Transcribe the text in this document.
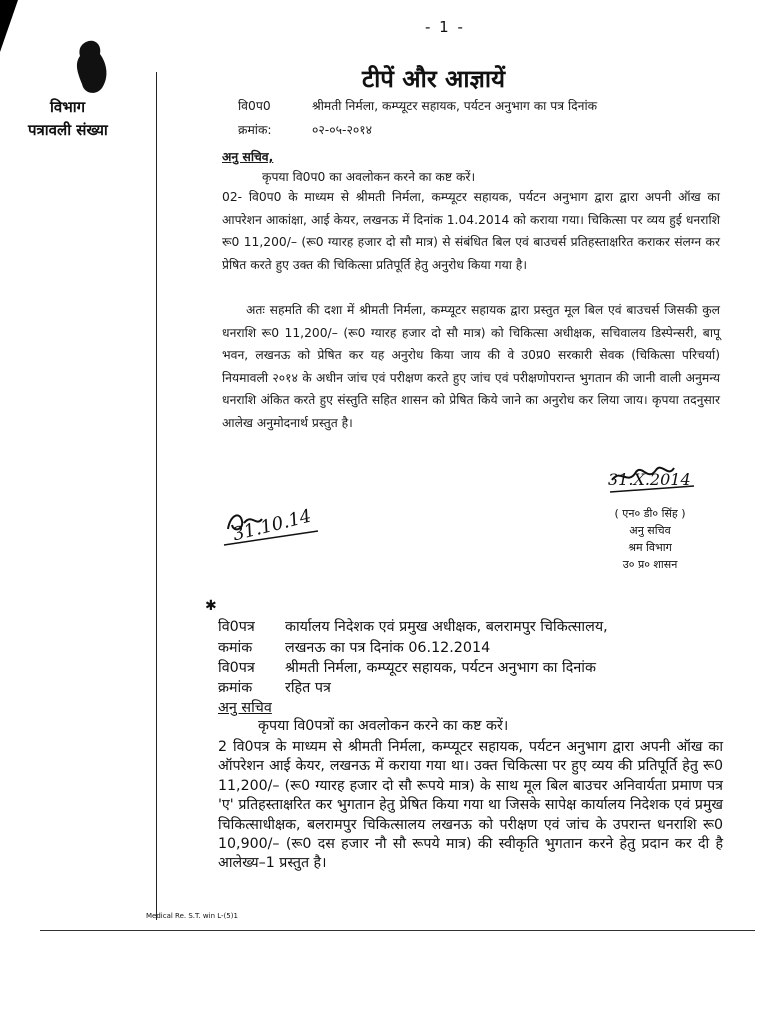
- 1 -
विभाग
पत्रावली संख्या
टीपें और आज्ञायें
वि0प0	श्रीमती निर्मला, कम्प्यूटर सहायक, पर्यटन अनुभाग का पत्र दिनांक
क्रमांक:	०२-०५-२०१४
अनु सचिव,
कृपया वि0प0 का अवलोकन करने का कष्ट करें।
02- वि0प0 के माध्यम से श्रीमती निर्मला, कम्प्यूटर सहायक, पर्यटन अनुभाग द्वारा द्वारा अपनी ऑख का आपरेशन आकांक्षा, आई केयर, लखनऊ में दिनांक 1.04.2014 को कराया गया। चिकित्सा पर व्यय हुई धनराशि रू0 11,200/– (रू0 ग्यारह हजार दो सौ मात्र) से संबंधित बिल एवं बाउचर्स प्रतिहस्ताक्षरित कराकर संलग्न कर प्रेषित करते हुए उक्त की चिकित्सा प्रतिपूर्ति हेतु अनुरोध किया गया है।
अतः सहमति की दशा में श्रीमती निर्मला, कम्प्यूटर सहायक द्वारा प्रस्तुत मूल बिल एवं बाउचर्स जिसकी कुल धनराशि रू0 11,200/– (रू0 ग्यारह हजार दो सौ मात्र) को चिकित्सा अधीक्षक, सचिवालय डिस्पेन्सरी, बापू भवन, लखनऊ को प्रेषित कर यह अनुरोध किया जाय की वे उ0प्र0 सरकारी सेवक (चिकित्सा परिचर्या) नियमावली २०१४ के अधीन जांच एवं परीक्षण करते हुए जांच एवं परीक्षणोपरान्त भुगतान की जानी वाली अनुमन्य धनराशि अंकित करते हुए संस्तुति सहित शासन को प्रेषित किये जाने का अनुरोध कर लिया जाय। कृपया तदनुसार आलेख अनुमोदनार्थ प्रस्तुत है।
31.X.2014
( एन० डी० सिंह )
अनु सचिव
श्रम विभाग
उ० प्र० शासन
31.10.14
✱
वि0पत्र कार्यालय निदेशक एवं प्रमुख अधीक्षक, बलरामपुर चिकित्सालय,
कमांक लखनऊ का पत्र दिनांक 06.12.2014
वि0पत्र श्रीमती निर्मला, कम्प्यूटर सहायक, पर्यटन अनुभाग का दिनांक
क्रमांक रहित पत्र
अनु सचिव
कृपया वि0पत्रों का अवलोकन करने का कष्ट करें।
2 वि0पत्र के माध्यम से श्रीमती निर्मला, कम्प्यूटर सहायक, पर्यटन अनुभाग द्वारा अपनी ऑख का ऑपरेशन आई केयर, लखनऊ में कराया गया था। उक्त चिकित्सा पर हुए व्यय की प्रतिपूर्ति हेतु रू0 11,200/– (रू0 ग्यारह हजार दो सौ रूपये मात्र) के साथ मूल बिल बाउचर अनिवार्यता प्रमाण पत्र 'ए' प्रतिहस्ताक्षरित कर भुगतान हेतु प्रेषित किया गया था जिसके सापेक्ष कार्यालय निदेशक एवं प्रमुख चिकित्साधीक्षक, बलरामपुर चिकित्सालय लखनऊ को परीक्षण एवं जांच के उपरान्त धनराशि रू0 10,900/– (रू0 दस हजार नौ सौ रूपये मात्र) की स्वीकृति भुगतान करने हेतु प्रदान कर दी है आलेख्य–1 प्रस्तुत है।
Medical Re. S.T. win L-(5)1
